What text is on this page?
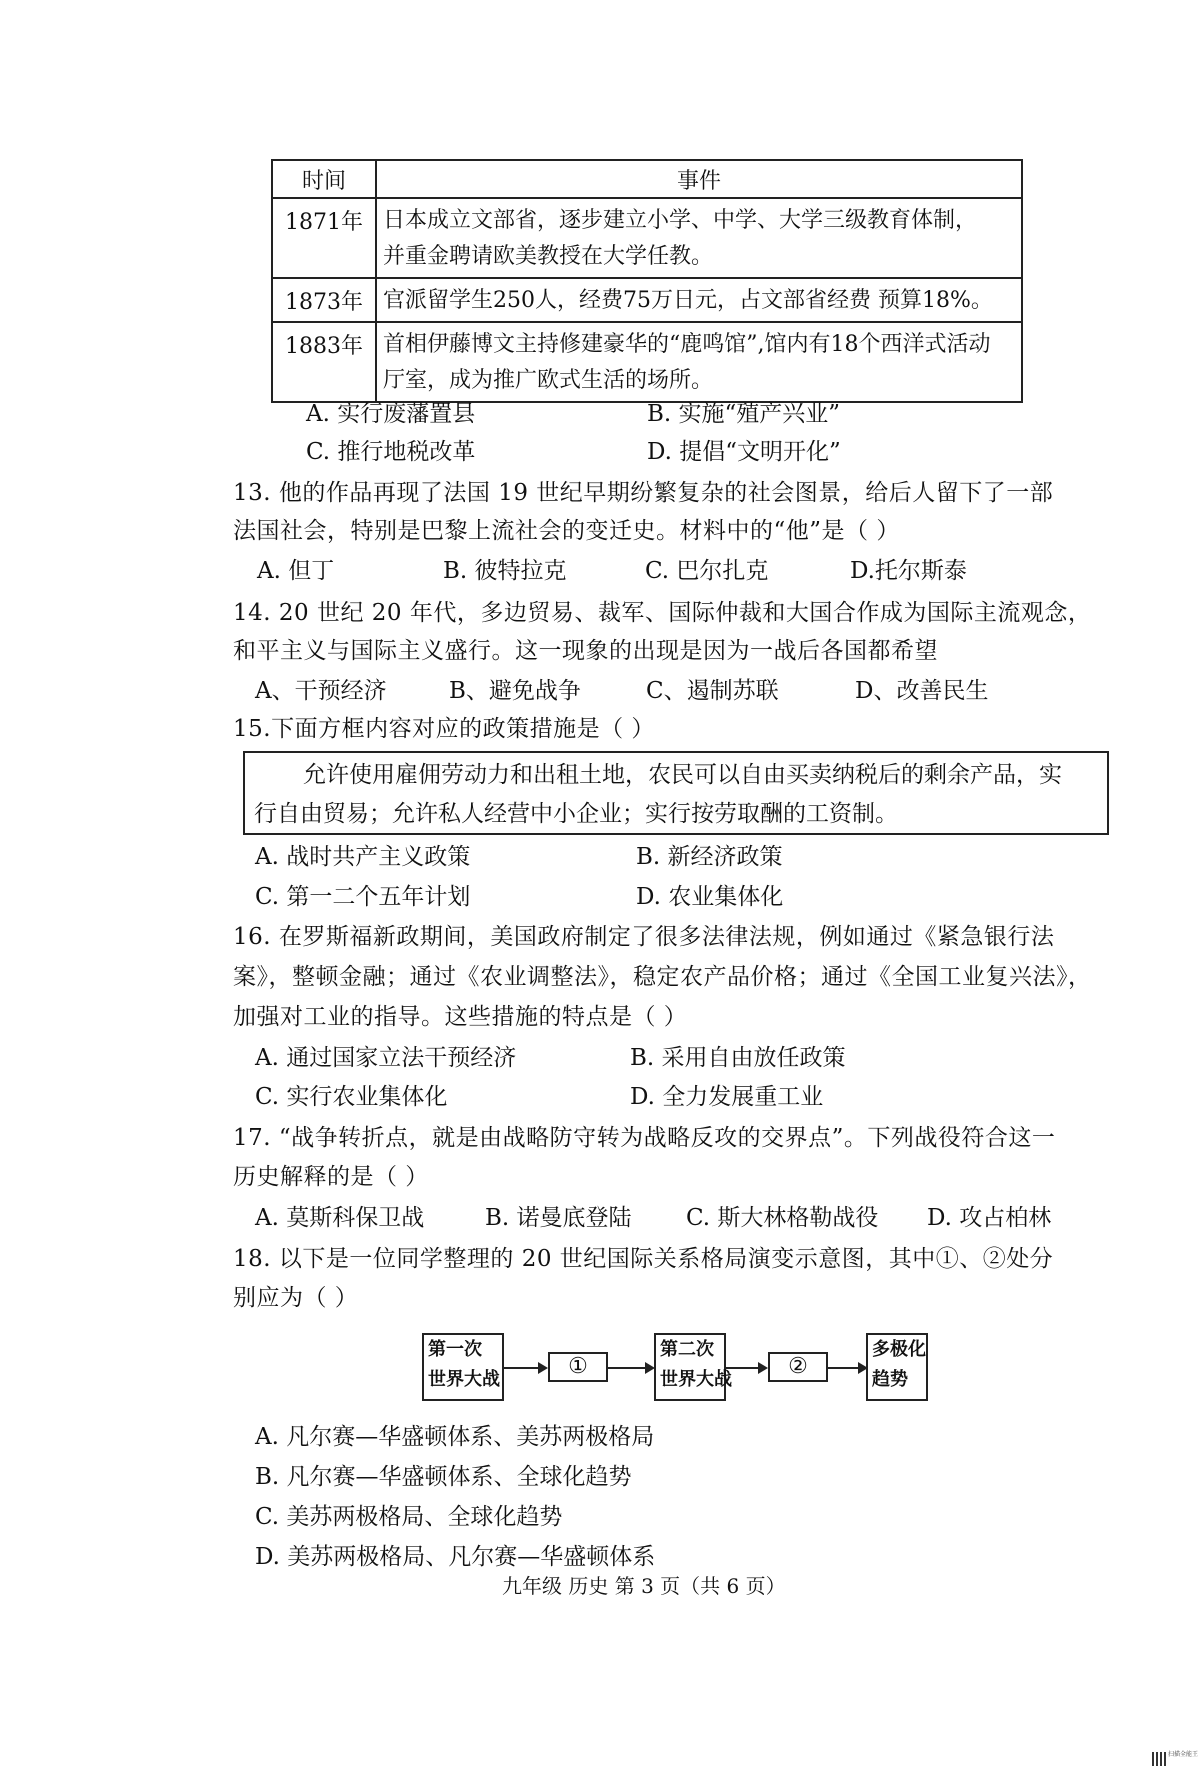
时间	事件
1871年	日本成立文部省，逐步建立小学、中学、大学三级教育体制，
并重金聘请欧美教授在大学任教。

1873年	官派留学生250人，经费75万日元，占文部省经费 预算18%。

1883年	首相伊藤博文主持修建豪华的“鹿鸣馆”,馆内有18个西洋式活动
厅室，成为推广欧式生活的场所。
A. 实行废藩置县	B. 实施“殖产兴业”
C. 推行地税改革	D. 提倡“文明开化”
13. 他的作品再现了法国 19 世纪早期纷繁复杂的社会图景，给后人留下了一部
法国社会，特别是巴黎上流社会的变迁史。材料中的“他”是（ ）
A. 但丁	B. 彼特拉克	C. 巴尔扎克	D.托尔斯泰
14. 20 世纪 20 年代，多边贸易、裁军、国际仲裁和大国合作成为国际主流观念，
和平主义与国际主义盛行。这一现象的出现是因为一战后各国都希望
A、干预经济	B、避免战争	C、遏制苏联	D、改善民生
15.下面方框内容对应的政策措施是（ ）
允许使用雇佣劳动力和出租土地，农民可以自由买卖纳税后的剩余产品，实
行自由贸易；允许私人经营中小企业；实行按劳取酬的工资制。
A. 战时共产主义政策	B. 新经济政策
C. 第一二个五年计划	D. 农业集体化
16. 在罗斯福新政期间，美国政府制定了很多法律法规，例如通过《紧急银行法
案》，整顿金融；通过《农业调整法》，稳定农产品价格；通过《全国工业复兴法》，
加强对工业的指导。这些措施的特点是（ ）
A. 通过国家立法干预经济	B. 采用自由放任政策
C. 实行农业集体化	D. 全力发展重工业
17. “战争转折点，就是由战略防守转为战略反攻的交界点”。下列战役符合这一
历史解释的是（ ）
A. 莫斯科保卫战	B. 诺曼底登陆 C. 斯大林格勒战役 D. 攻占柏林
18. 以下是一位同学整理的 20 世纪国际关系格局演变示意图，其中①、②处分
别应为（ ）
第一次
世界大战
①
第二次
世界大战
②
多极化
趋势
A. 凡尔赛—华盛顿体系、美苏两极格局
B. 凡尔赛—华盛顿体系、全球化趋势
C. 美苏两极格局、全球化趋势
D. 美苏两极格局、凡尔赛—华盛顿体系
九年级 历史 第 3 页（共 6 页）
扫描全能王
